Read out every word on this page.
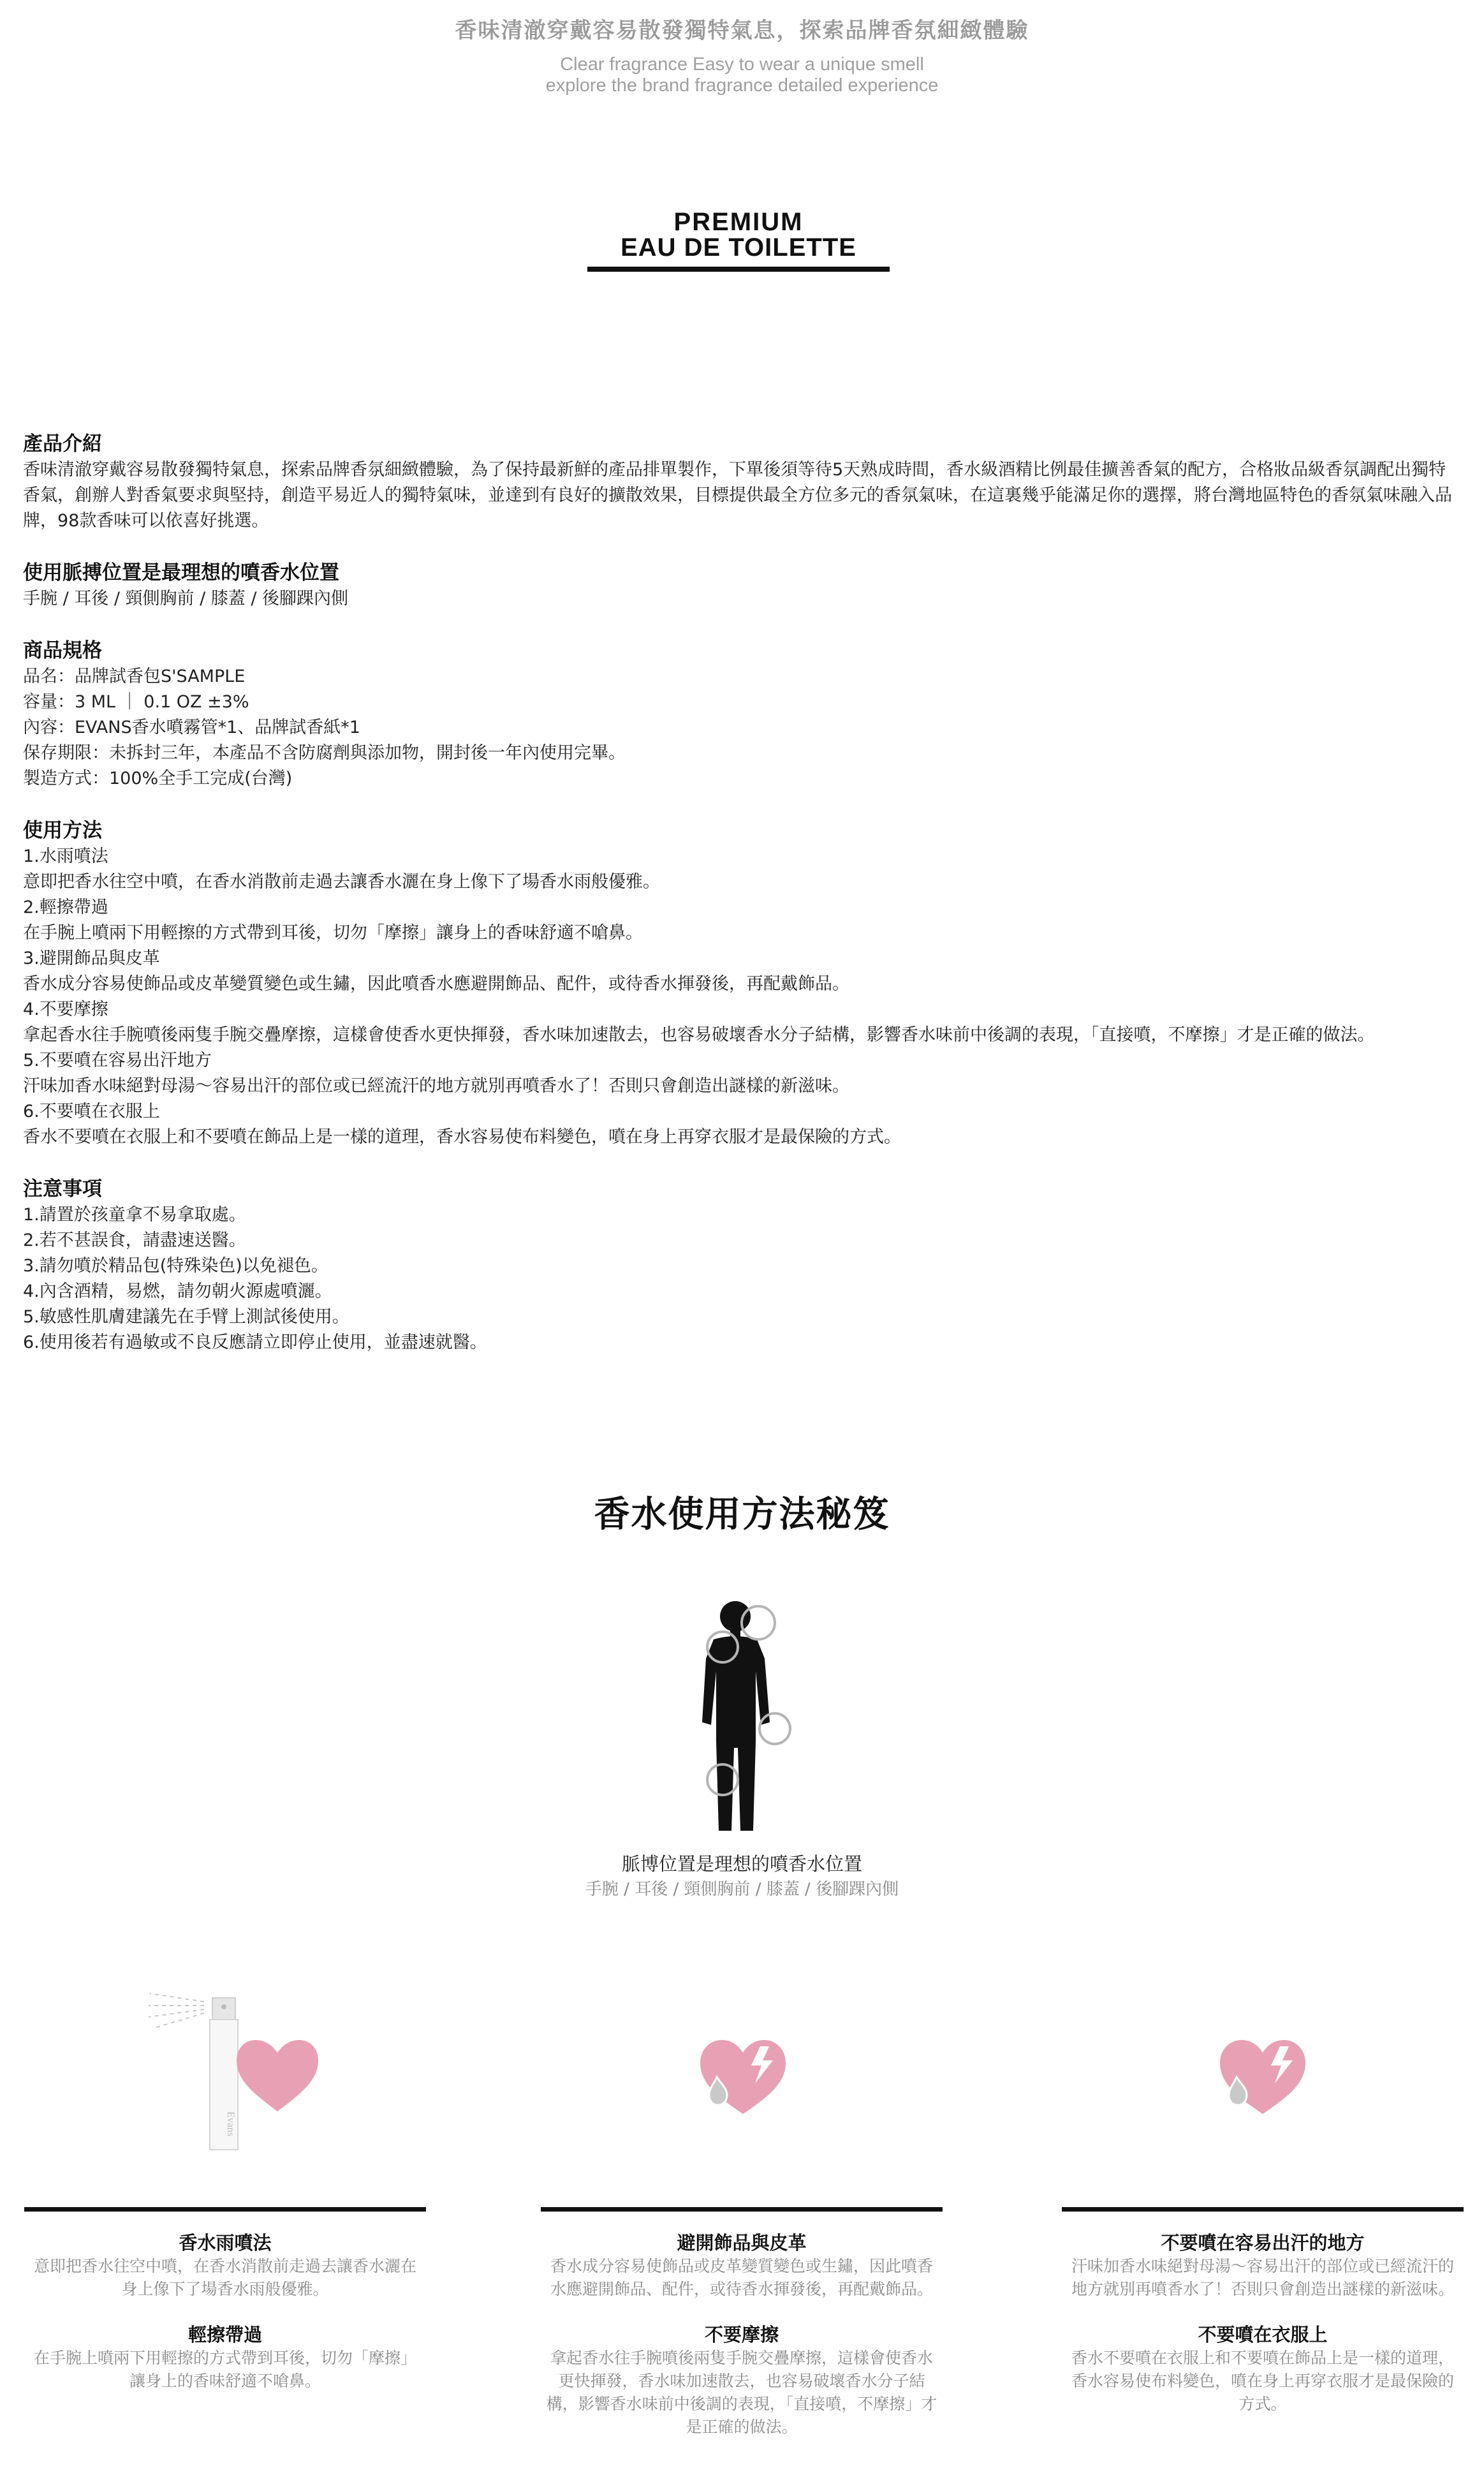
香味清澈穿戴容易散發獨特氣息，探索品牌香氛細緻體驗
Clear fragrance Easy to wear a unique smell
explore the brand fragrance detailed experience
PREMIUM
EAU DE TOILETTE
產品介紹
香味清澈穿戴容易散發獨特氣息，探索品牌香氛細緻體驗，為了保持最新鮮的產品排單製作，下單後須等待5天熟成時間，香水級酒精比例最佳擴善香氣的配方，合格妝品級香氛調配出獨特香氣，創辦人對香氣要求與堅持，創造平易近人的獨特氣味，並達到有良好的擴散效果，目標提供最全方位多元的香氛氣味，在這裏幾乎能滿足你的選擇，將台灣地區特色的香氛氣味融入品牌，98款香味可以依喜好挑選。
使用脈搏位置是最理想的噴香水位置
手腕 / 耳後 / 頸側胸前 / 膝蓋 / 後腳踝內側
商品規格
品名：品牌試香包S'SAMPLE
容量：3 ML ｜ 0.1 OZ ±3%
內容：EVANS香水噴霧管*1、品牌試香紙*1
保存期限：未拆封三年，本產品不含防腐劑與添加物，開封後一年內使用完畢。
製造方式：100%全手工完成(台灣)
使用方法
1.水雨噴法
意即把香水往空中噴，在香水消散前走過去讓香水灑在身上像下了場香水雨般優雅。
2.輕擦帶過
在手腕上噴兩下用輕擦的方式帶到耳後，切勿「摩擦」讓身上的香味舒適不嗆鼻。
3.避開飾品與皮革
香水成分容易使飾品或皮革變質變色或生鏽，因此噴香水應避開飾品、配件，或待香水揮發後，再配戴飾品。
4.不要摩擦
拿起香水往手腕噴後兩隻手腕交疊摩擦，這樣會使香水更快揮發，香水味加速散去，也容易破壞香水分子結構，影響香水味前中後調的表現，「直接噴，不摩擦」才是正確的做法。
5.不要噴在容易出汗地方
汗味加香水味絕對母湯～容易出汗的部位或已經流汗的地方就別再噴香水了！否則只會創造出謎樣的新滋味。
6.不要噴在衣服上
香水不要噴在衣服上和不要噴在飾品上是一樣的道理，香水容易使布料變色，噴在身上再穿衣服才是最保險的方式。
注意事項
1.請置於孩童拿不易拿取處。
2.若不甚誤食，請盡速送醫。
3.請勿噴於精品包(特殊染色)以免褪色。
4.內含酒精，易燃，請勿朝火源處噴灑。
5.敏感性肌膚建議先在手臂上測試後使用。
6.使用後若有過敏或不良反應請立即停止使用，並盡速就醫。
香水使用方法秘笈
脈博位置是理想的噴香水位置
手腕 / 耳後 / 頸側胸前 / 膝蓋 / 後腳踝內側
Evans
香水雨噴法
意即把香水往空中噴，在香水消散前走過去讓香水灑在身上像下了場香水雨般優雅。
輕擦帶過
在手腕上噴兩下用輕擦的方式帶到耳後，切勿「摩擦」讓身上的香味舒適不嗆鼻。
避開飾品與皮革
香水成分容易使飾品或皮革變質變色或生鏽，因此噴香水應避開飾品、配件，或待香水揮發後，再配戴飾品。
不要摩擦
拿起香水往手腕噴後兩隻手腕交疊摩擦，這樣會使香水更快揮發，香水味加速散去，也容易破壞香水分子結構，影響香水味前中後調的表現，「直接噴，不摩擦」才是正確的做法。
不要噴在容易出汗的地方
汗味加香水味絕對母湯～容易出汗的部位或已經流汗的地方就別再噴香水了！否則只會創造出謎樣的新滋味。
不要噴在衣服上
香水不要噴在衣服上和不要噴在飾品上是一樣的道理，香水容易使布料變色，噴在身上再穿衣服才是最保險的方式。
